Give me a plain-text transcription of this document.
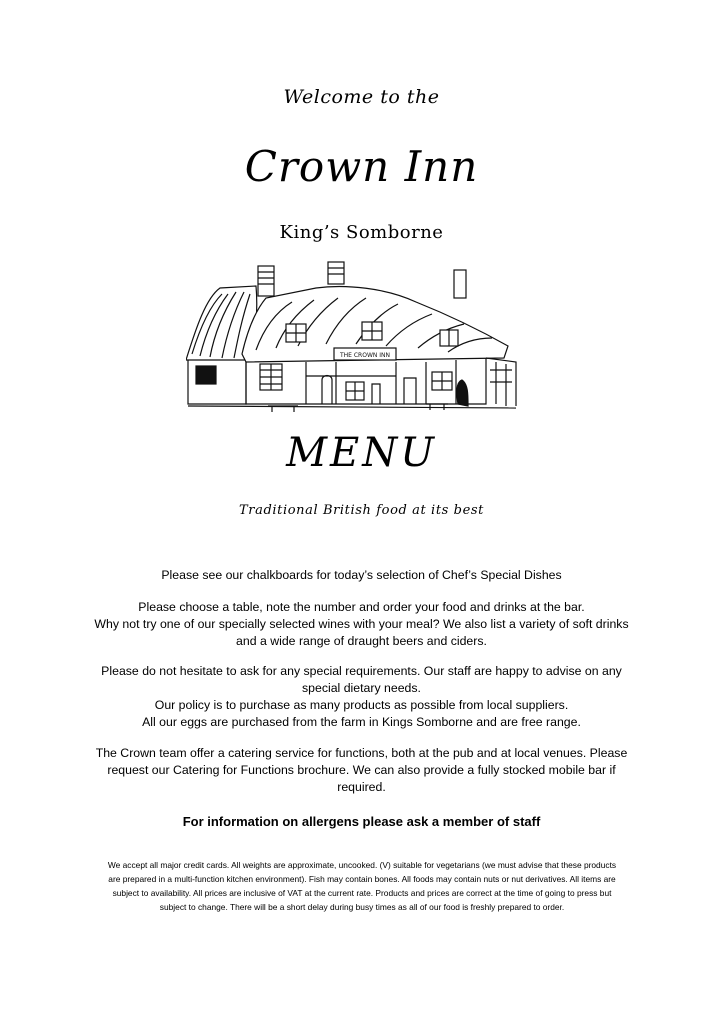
Welcome to the
Crown Inn
King’s Somborne
THE CROWN INN
MENU
Traditional British food at its best
Please see our chalkboards for today’s selection of Chef’s Special Dishes
Please choose a table, note the number and order your food and drinks at the bar.
Why not try one of our specially selected wines with your meal? We also list a variety of soft drinks
and a wide range of draught beers and ciders.
Please do not hesitate to ask for any special requirements. Our staff are happy to advise on any
special dietary needs.
Our policy is to purchase as many products as possible from local suppliers.
All our eggs are purchased from the farm in Kings Somborne and are free range.
The Crown team offer a catering service for functions, both at the pub and at local venues. Please
request our Catering for Functions brochure. We can also provide a fully stocked mobile bar if
required.
For information on allergens please ask a member of staff
We accept all major credit cards. All weights are approximate, uncooked. (V) suitable for vegetarians (we must advise that these products
are prepared in a multi-function kitchen environment). Fish may contain bones. All foods may contain nuts or nut derivatives. All items are
subject to availability. All prices are inclusive of VAT at the current rate. Products and prices are correct at the time of going to press but
subject to change. There will be a short delay during busy times as all of our food is freshly prepared to order.
